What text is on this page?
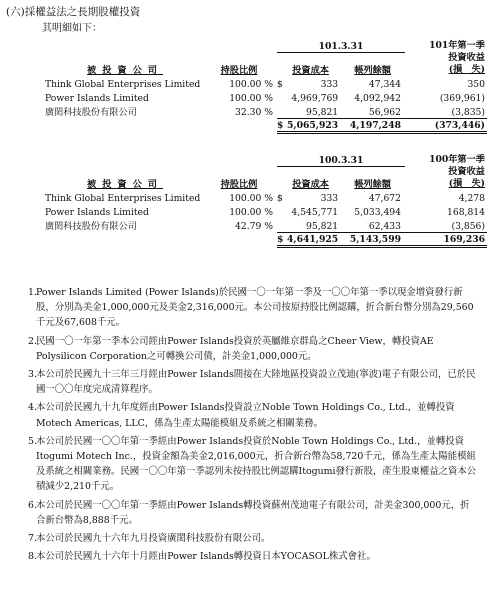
(六)採權益法之長期股權投資
其明細如下：
		101.3.31			101年第一季
投資收益
(損　失)

被投資公司	持股比例	投資成本		帳列餘額	
Think Global Enterprises Limited	100.00 %	$	333	47,344	350
Power Islands Limited	100.00 %		4,969,769	4,092,942	(369,961)
廣閎科技股份有限公司	32.30 %		95,821	56,962	(3,835)
		$	5,065,923	4,197,248	(373,446)
		100.3.31			100年第一季
投資收益
(損　失)

被投資公司	持股比例	投資成本		帳列餘額	
Think Global Enterprises Limited	100.00 %	$	333	47,672	4,278
Power Islands Limited	100.00 %		4,545,771	5,033,494	168,814
廣閎科技股份有限公司	42.79 %		95,821	62,433	(3,856)
		$	4,641,925	5,143,599	169,236
1. Power Islands Limited (Power Islands)於民國一〇一年第一季及一〇〇年第一季以現金增資發行新股，分別為美金1,000,000元及美金2,316,000元。本公司按原持股比例認購，折合新台幣分別為29,560千元及67,608千元。
2. 民國一〇一年第一季本公司經由Power Islands投資於英屬維京群島之Cheer View，轉投資AE Polysilicon Corporation之可轉換公司債，計美金1,000,000元。
3. 本公司於民國九十三年三月經由Power Islands間接在大陸地區投資設立茂迪(寧波)電子有限公司，已於民國一〇〇年度完成清算程序。
4. 本公司於民國九十九年度經由Power Islands投資設立Noble Town Holdings Co., Ltd.，並轉投資Motech Americas, LLC，係為生產太陽能模組及系統之相關業務。
5. 本公司於民國一〇〇年第一季經由Power Islands投資於Noble Town Holdings Co., Ltd.，並轉投資Itogumi Motech Inc.，投資金額為美金2,016,000元，折合新台幣為58,720千元，係為生產太陽能模組及系統之相關業務。民國一〇〇年第一季認列未按持股比例認購Itogumi發行新股，產生股東權益之資本公積減少2,210千元。
6. 本公司於民國一〇〇年第一季經由Power Islands轉投資蘇州茂迪電子有限公司，計美金300,000元，折合新台幣為8,888千元。
7. 本公司於民國九十六年九月投資廣閎科技股份有限公司。
8. 本公司於民國九十六年十月經由Power Islands轉投資日本YOCASOL株式會社。
